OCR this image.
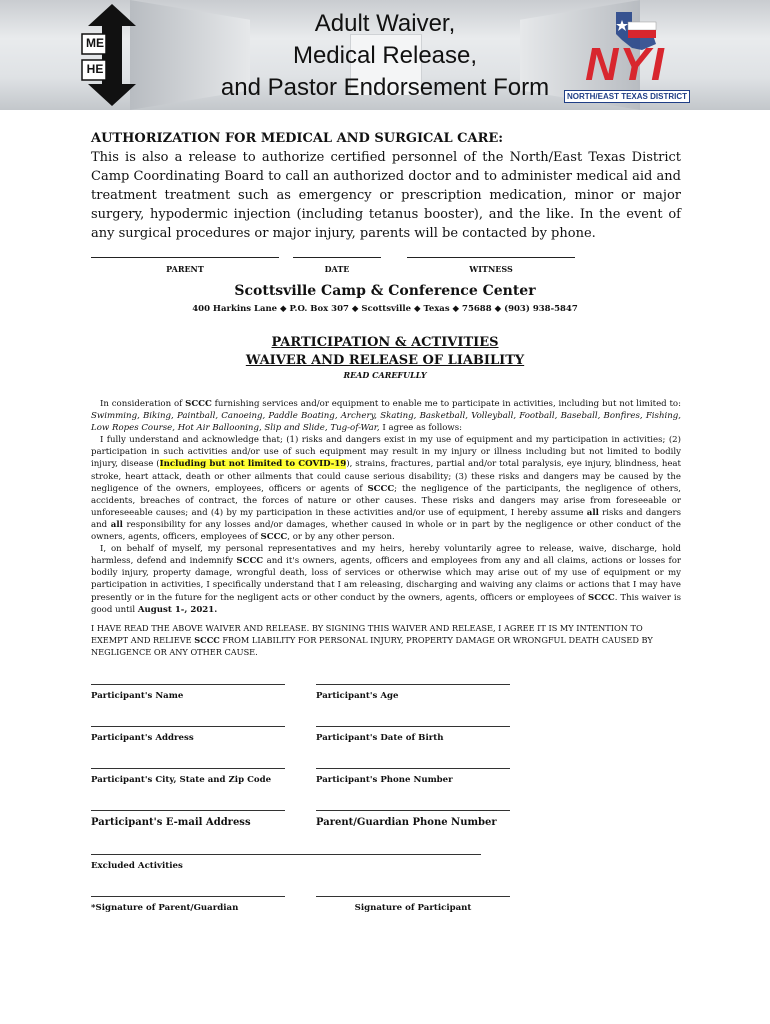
ME
HE
Adult Waiver,
Medical Release,
and Pastor Endorsement Form NYI
NORTH/EAST TEXAS DISTRICT
AUTHORIZATION FOR MEDICAL AND SURGICAL CARE:

This is also a release to authorize certified personnel of the North/East Texas District Camp Coordinating Board to call an authorized doctor and to administer medical aid and treatment treatment such as emergency or prescription medication, minor or major surgery, hypodermic injection (including tetanus booster), and the like. In the event of any surgical procedures or major injury, parents will be contacted by phone.

PARENT	DATE	WITNESS
Scottsville Camp & Conference Center
400 Harkins Lane ◆ P.O. Box 307 ◆ Scottsville ◆ Texas ◆ 75688 ◆ (903) 938-5847
PARTICIPATION & ACTIVITIES
WAIVER AND RELEASE OF LIABILITY
READ CAREFULLY

In consideration of SCCC furnishing services and/or equipment to enable me to participate in activities, including but not limited to: Swimming, Biking, Paintball, Canoeing, Paddle Boating, Archery, Skating, Basketball, Volleyball, Football, Baseball, Bonfires, Fishing, Low Ropes Course, Hot Air Ballooning, Slip and Slide, Tug-of-War, I agree as follows:

I fully understand and acknowledge that; (1) risks and dangers exist in my use of equipment and my participation in activities; (2) participation in such activities and/or use of such equipment may result in my injury or illness including but not limited to bodily injury, disease (Including but not limited to COVID-19), strains, fractures, partial and/or total paralysis, eye injury, blindness, heat stroke, heart attack, death or other ailments that could cause serious disability; (3) these risks and dangers may be caused by the negligence of the owners, employees, officers or agents of SCCC; the negligence of the participants, the negligence of others, accidents, breaches of contract, the forces of nature or other causes. These risks and dangers may arise from foreseeable or unforeseeable causes; and (4) by my participation in these activities and/or use of equipment, I hereby assume all risks and dangers and all responsibility for any losses and/or damages, whether caused in whole or in part by the negligence or other conduct of the owners, agents, officers, employees of SCCC, or by any other person.

I, on behalf of myself, my personal representatives and my heirs, hereby voluntarily agree to release, waive, discharge, hold harmless, defend and indemnify SCCC and it's owners, agents, officers and employees from any and all claims, actions or losses for bodily injury, property damage, wrongful death, loss of services or otherwise which may arise out of my use of equipment or my participation in activities, I specifically understand that I am releasing, discharging and waiving any claims or actions that I may have presently or in the future for the negligent acts or other conduct by the owners, agents, officers or employees of SCCC. This waiver is good until August 1-, 2021.

I HAVE READ THE ABOVE WAIVER AND RELEASE. BY SIGNING THIS WAIVER AND RELEASE, I AGREE IT IS MY INTENTION TO EXEMPT AND RELIEVE SCCC FROM LIABILITY FOR PERSONAL INJURY, PROPERTY DAMAGE OR WRONGFUL DEATH CAUSED BY NEGLIGENCE OR ANY OTHER CAUSE.
Participant's Name	Participant's Age
Participant's Address	Participant's Date of Birth
Participant's City, State and Zip Code	Participant's Phone Number
Participant's E-mail Address	Parent/Guardian Phone Number
Excluded Activities
*Signature of Parent/Guardian	Signature of Participant
